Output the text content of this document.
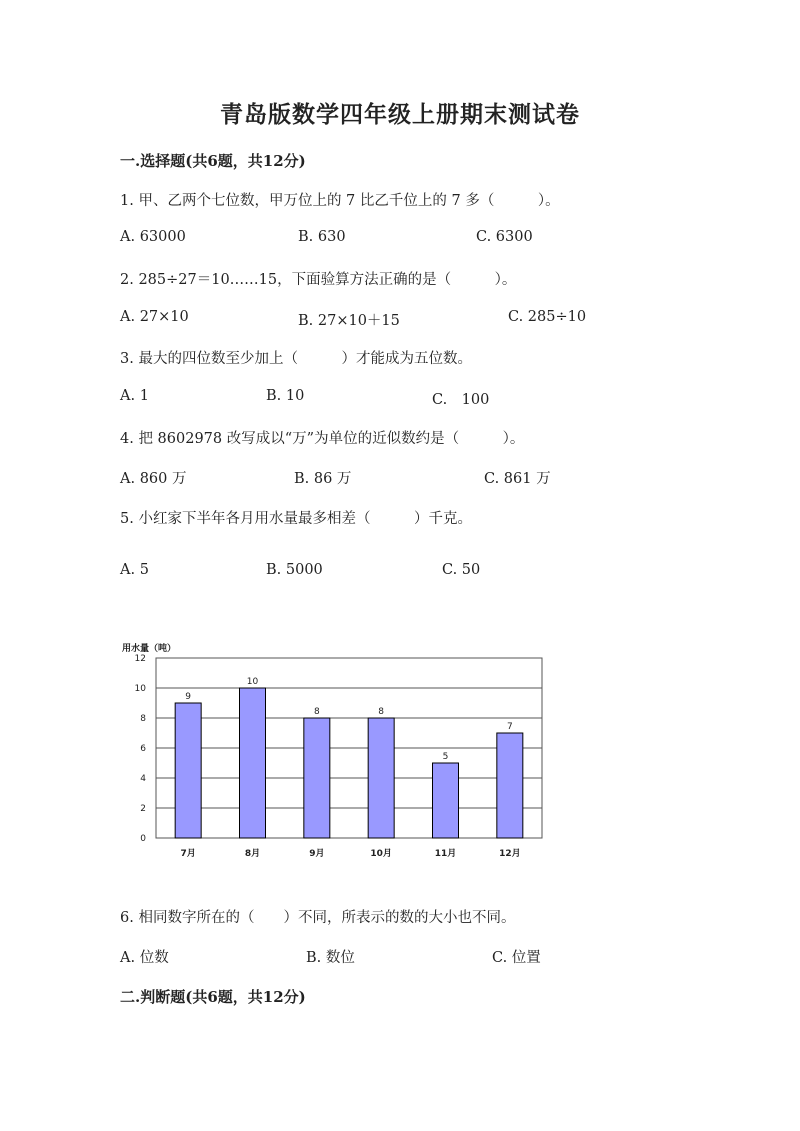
青岛版数学四年级上册期末测试卷
一.选择题(共6题，共12分)
1. 甲、乙两个七位数，甲万位上的 7 比乙千位上的 7 多（　　　）。
A. 63000	B. 630	C. 6300
2. 285÷27＝10……15，下面验算方法正确的是（　　　）。
A. 27×10	B. 27×10＋15	C. 285÷10
3. 最大的四位数至少加上（　　　）才能成为五位数。
A. 1	B. 10	C.　100
4. 把 8602978 改写成以“万”为单位的近似数约是（　　　）。
A. 860 万	B. 86 万	C. 861 万
5. 小红家下半年各月用水量最多相差（　　　）千克。
A. 5	B. 5000	C. 50
0
2
4
6
8
10
12
9
7月
10
8月
8
9月
8
10月
5
11月
7
12月
用水量（吨）
6. 相同数字所在的（　　）不同，所表示的数的大小也不同。
A. 位数	B. 数位	C. 位置
二.判断题(共6题，共12分)
